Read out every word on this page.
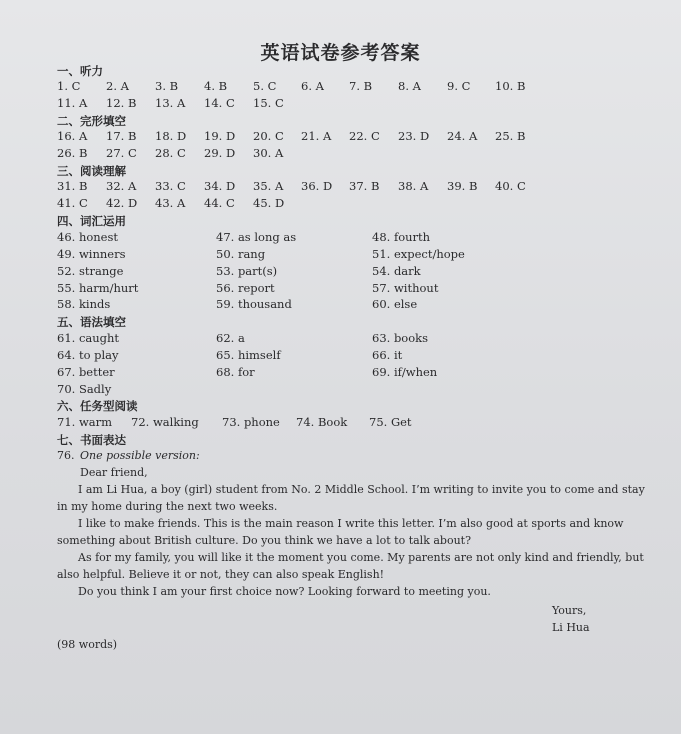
英语试卷参考答案
一、听力
1. C 2. A 3. B 4. B 5. C 6. A 7. B 8. A 9. C 10. B
11. A 12. B 13. A 14. C 15. C
二、完形填空
16. A 17. B 18. D 19. D 20. C 21. A 22. C 23. D 24. A 25. B
26. B 27. C 28. C 29. D 30. A
三、阅读理解
31. B 32. A 33. C 34. D 35. A 36. D 37. B 38. A 39. B 40. C
41. C 42. D 43. A 44. C 45. D
四、词汇运用
46. honest	47. as long as	48. fourth
49. winners	50. rang	51. expect/hope
52. strange	53. part(s)	54. dark
55. harm/hurt	56. report	57. without
58. kinds	59. thousand	60. else
五、语法填空
61. caught	62. a	63. books
64. to play	65. himself	66. it
67. better	68. for	69. if/when
70. Sadly
六、任务型阅读
71. warm 72. walking 73. phone 74. Book 75. Get
七、书面表达
76. One possible version:
Dear friend,
I am Li Hua, a boy (girl) student from No. 2 Middle School. I’m writing to invite you to come and stay
in my home during the next two weeks.
I like to make friends. This is the main reason I write this letter. I’m also good at sports and know
something about British culture. Do you think we have a lot to talk about?
As for my family, you will like it the moment you come. My parents are not only kind and friendly, but
also helpful. Believe it or not, they can also speak English!
Do you think I am your first choice now? Looking forward to meeting you.
Yours,
Li Hua
(98 words)
